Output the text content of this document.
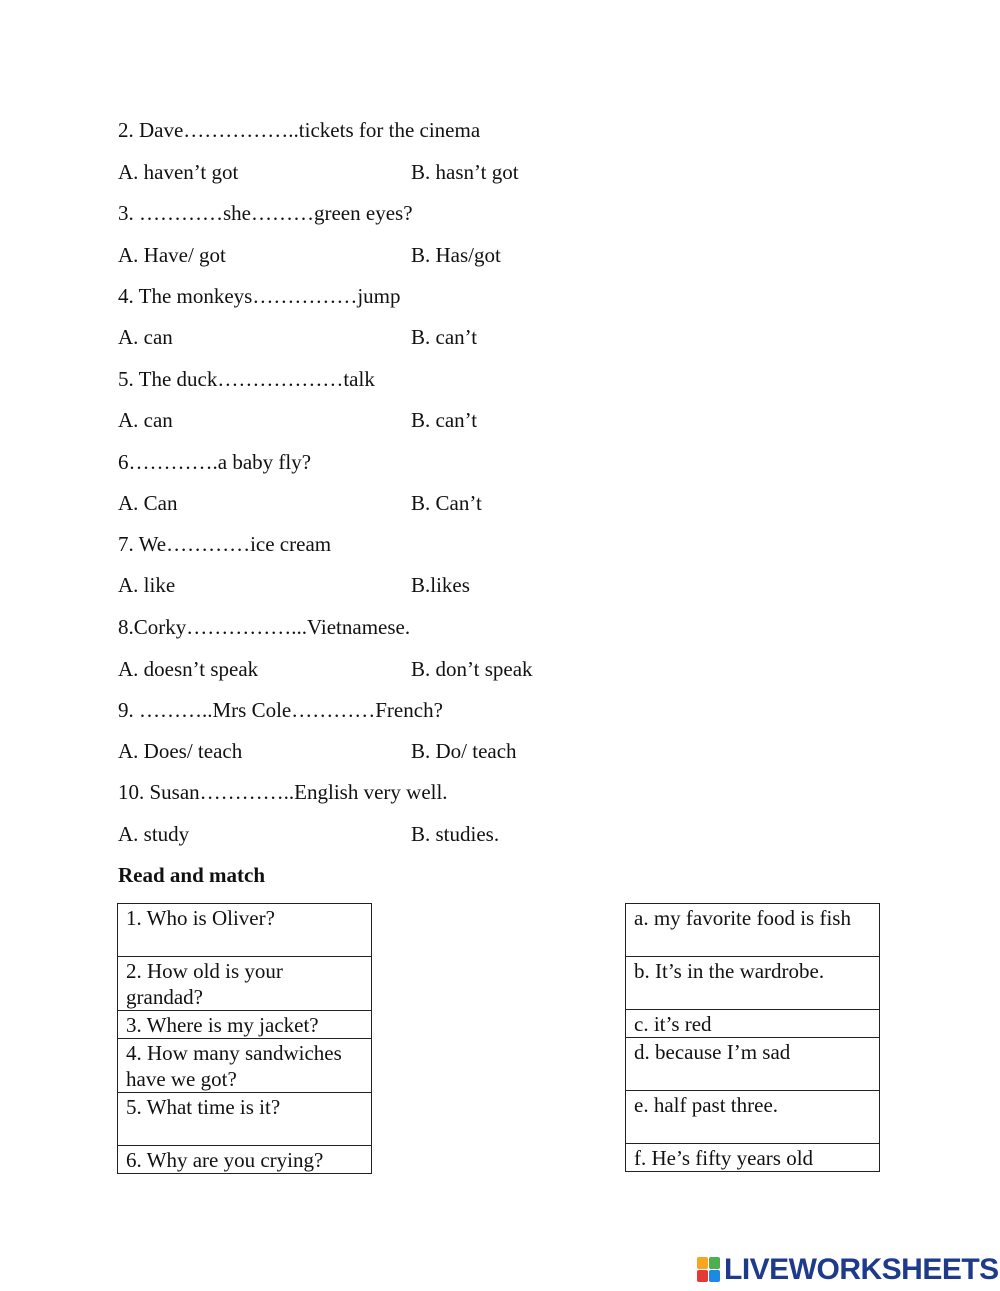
2. Dave……………..tickets for the cinema
A. haven’t got	B. hasn’t got
3. …………she………green eyes?
A. Have/ got	B. Has/got
4. The monkeys……………jump
A. can	B. can’t
5. The duck………………talk
A. can	B. can’t
6………….a baby fly?
A. Can	B. Can’t
7. We…………ice cream
A. like	B.likes
8.Corky……………...Vietnamese.
A. doesn’t speak	B. don’t speak
9. ………..Mrs Cole…………French?
A. Does/ teach	B. Do/ teach
10. Susan…………..English very well.
A. study	B. studies.
Read and match
1. Who is Oliver?
2. How old is your
grandad?
3. Where is my jacket?
4. How many sandwiches
have we got?
5. What time is it?
6. Why are you crying?
a. my favorite food is fish
b. It’s in the wardrobe.
c. it’s red
d. because I’m sad
e. half past three.
f. He’s fifty years old
LIVEWORKSHEETS
